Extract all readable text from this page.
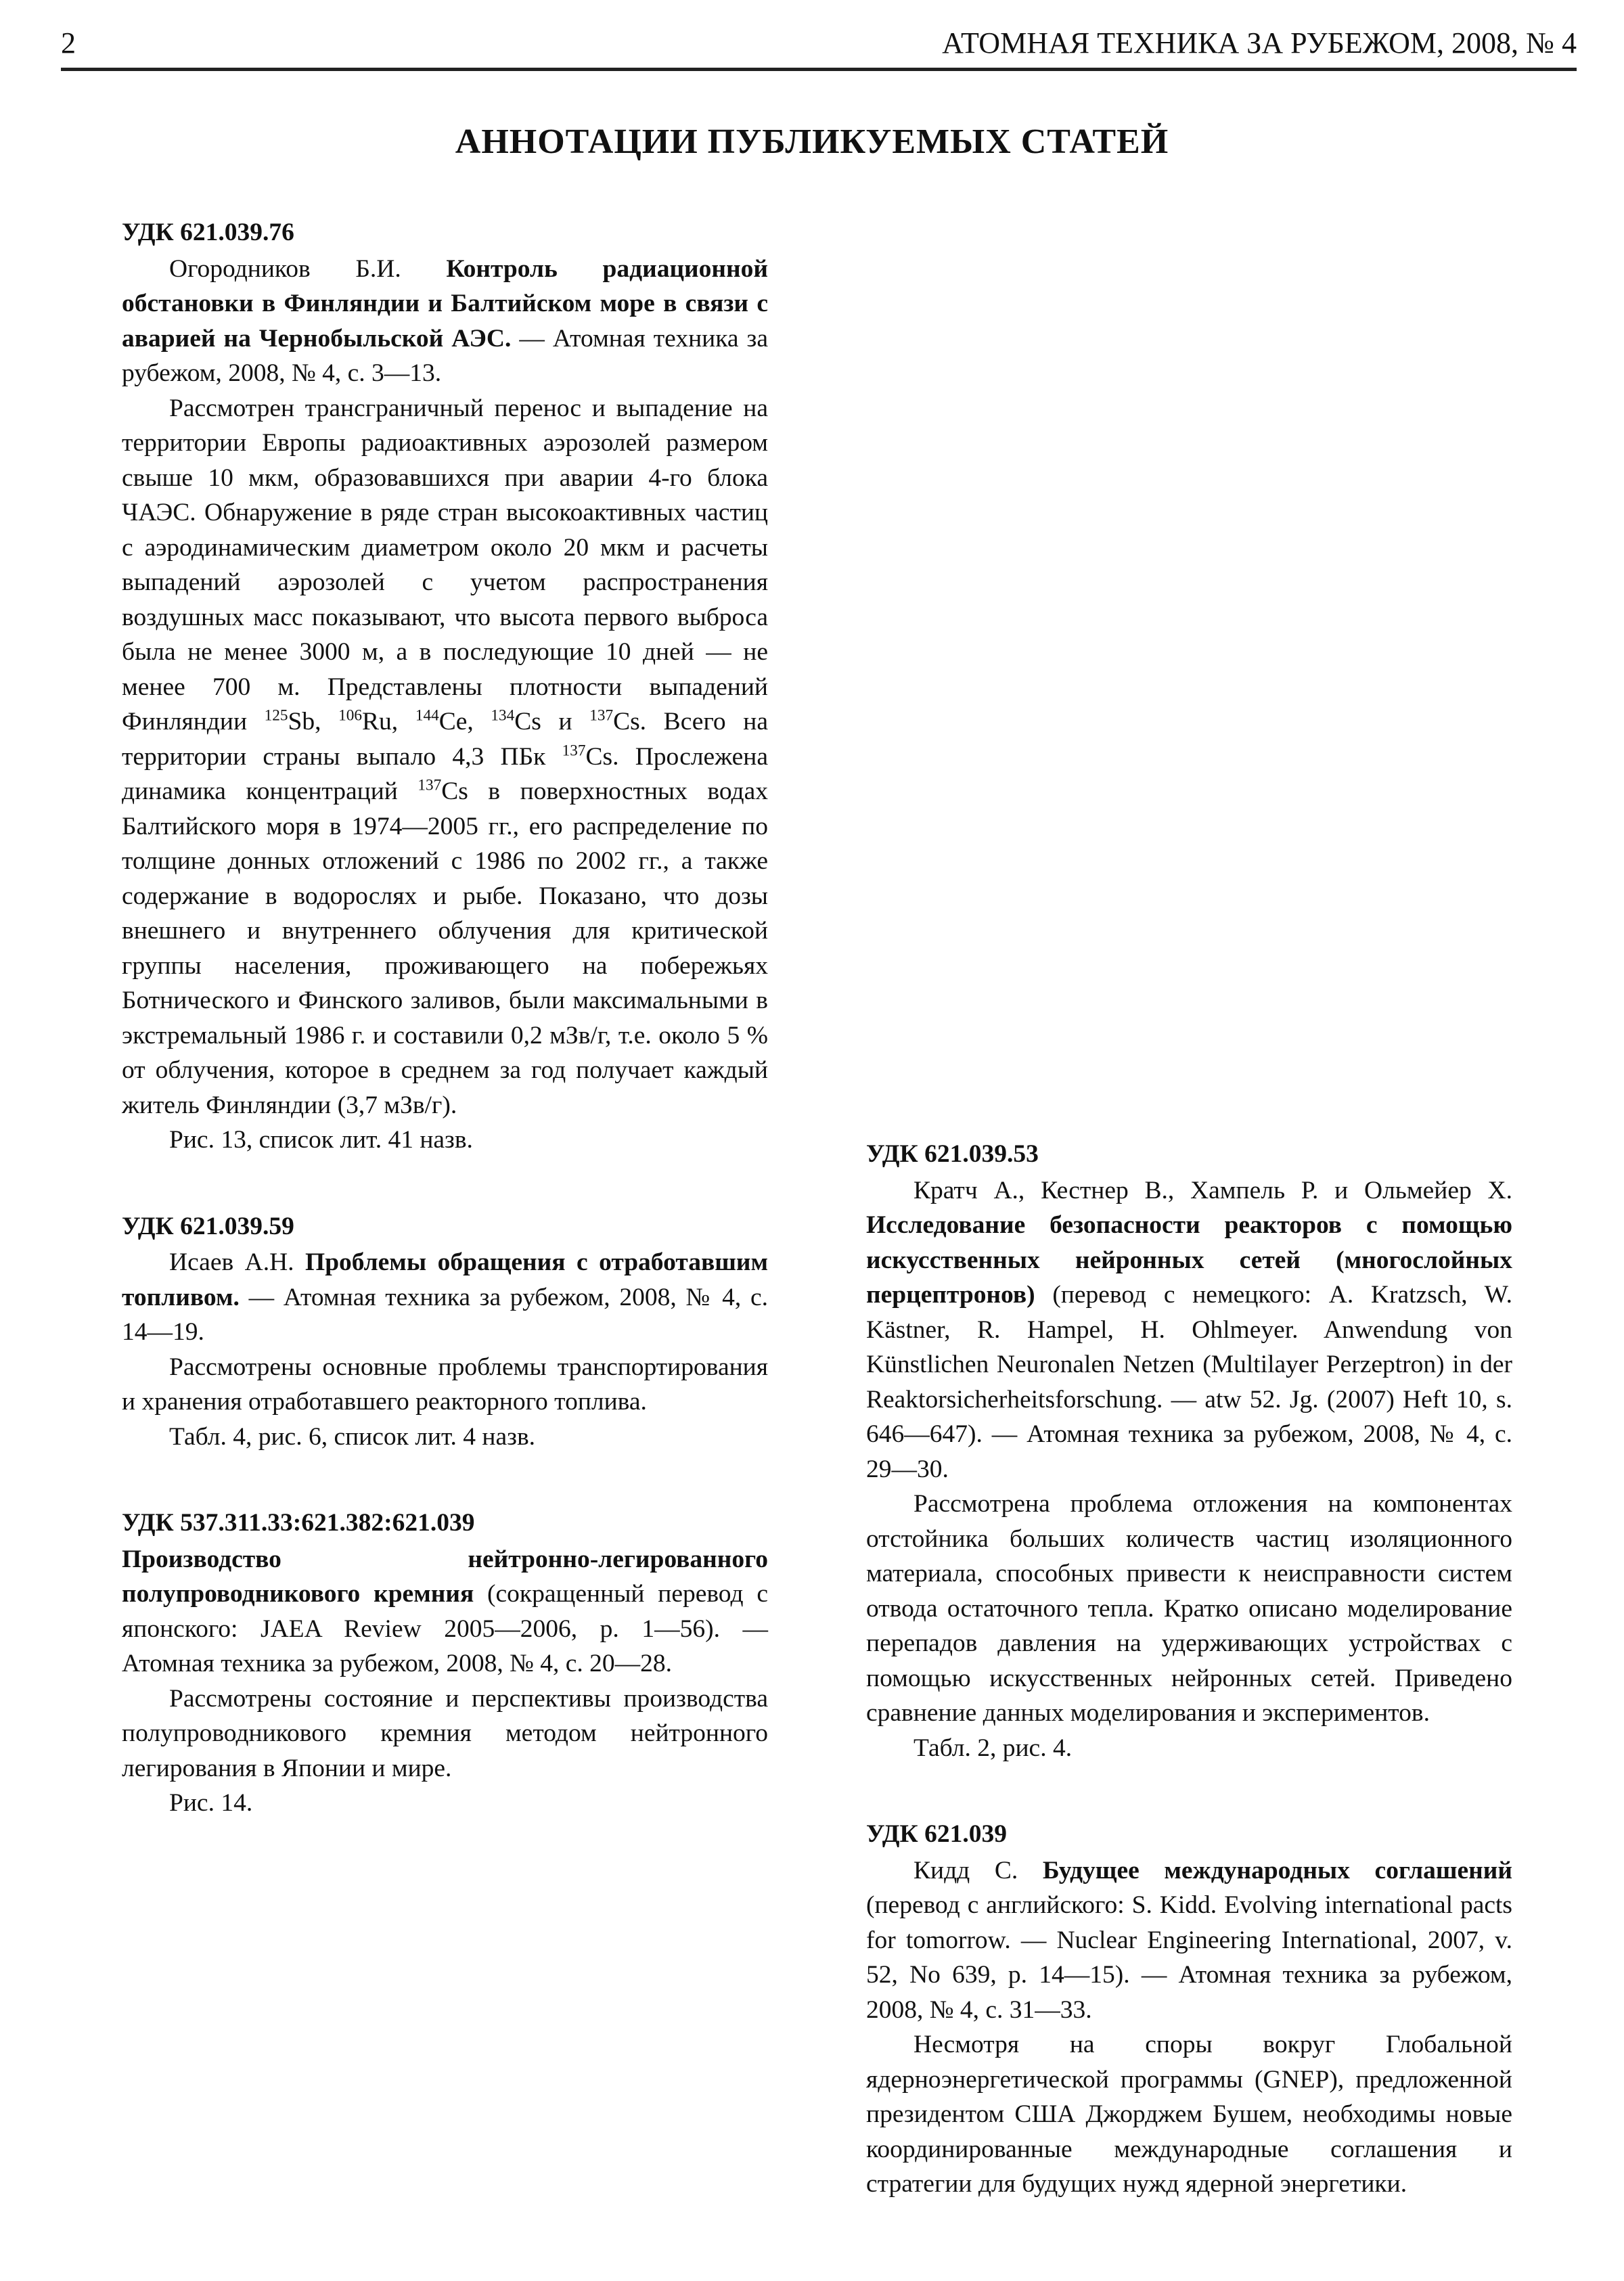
2	АТОМНАЯ ТЕХНИКА ЗА РУБЕЖОМ, 2008, № 4
АННОТАЦИИ ПУБЛИКУЕМЫХ СТАТЕЙ

УДК 621.039.76

Огородников Б.И. Контроль радиационной обстановки в Финляндии и Балтийском море в связи с аварией на Чернобыльской АЭС. — Атомная техника за рубежом, 2008, № 4, с. 3—13.

Рассмотрен трансграничный перенос и выпадение на территории Европы радиоактивных аэрозолей размером свыше 10 мкм, образовавшихся при аварии 4-го блока ЧАЭС. Обнаружение в ряде стран высокоактивных частиц с аэродинамическим диаметром около 20 мкм и расчеты выпадений аэрозолей с учетом распространения воздушных масс показывают, что высота первого выброса была не менее 3000 м, а в последующие 10 дней — не менее 700 м. Представлены плотности выпадений Финляндии $^{125}$Sb, $^{106}$Ru, $^{144}$Ce, $^{134}$Cs и $^{137}$Cs. Всего на территории страны выпало 4,3 ПБк $^{137}$Cs. Прослежена динамика концентраций $^{137}$Cs в поверхностных водах Балтийского моря в 1974—2005 гг., его распределение по толщине донных отложений с 1986 по 2002 гг., а также содержание в водорослях и рыбе. Показано, что дозы внешнего и внутреннего облучения для критической группы населения, проживающего на побережьях Ботнического и Финского заливов, были максимальными в экстремальный 1986 г. и составили 0,2 мЗв/г, т.е. около 5 % от облучения, которое в среднем за год получает каждый житель Финляндии (3,7 мЗв/г).

Рис. 13, список лит. 41 назв.

УДК 621.039.59

Исаев А.Н. Проблемы обращения с отработавшим топливом. — Атомная техника за рубежом, 2008, № 4, с. 14—19.

Рассмотрены основные проблемы транспортирования и хранения отработавшего реакторного топлива.

Табл. 4, рис. 6, список лит. 4 назв.

УДК 537.311.33:621.382:621.039

Производство нейтронно-легированного полупроводникового кремния (сокращенный перевод с японского: JAEA Review 2005—2006, p. 1—56). — Атомная техника за рубежом, 2008, № 4, с. 20—28.

Рассмотрены состояние и перспективы производства полупроводникового кремния методом нейтронного легирования в Японии и мире.

Рис. 14.

УДК 621.039.53

Кратч А., Кестнер В., Хампель Р. и Ольмейер Х. Исследование безопасности реакторов с помощью искусственных нейронных сетей (многослойных перцептронов) (перевод с немецкого: A. Kratzsch, W. Kästner, R. Hampel, H. Ohlmeyer. Anwendung von Künstlichen Neuronalen Netzen (Multilayer Perzeptron) in der Reaktorsicherheitsforschung. — atw 52. Jg. (2007) Heft 10, s. 646—647). — Атомная техника за рубежом, 2008, № 4, с. 29—30.

Рассмотрена проблема отложения на компонентах отстойника больших количеств частиц изоляционного материала, способных привести к неисправности систем отвода остаточного тепла. Кратко описано моделирование перепадов давления на удерживающих устройствах с помощью искусственных нейронных сетей. Приведено сравнение данных моделирования и экспериментов.

Табл. 2, рис. 4.

УДК 621.039

Кидд С. Будущее международных соглашений (перевод с английского: S. Kidd. Evolving international pacts for tomorrow. — Nuclear Engineering International, 2007, v. 52, No 639, p. 14—15). — Атомная техника за рубежом, 2008, № 4, с. 31—33.

Несмотря на споры вокруг Глобальной ядерноэнергетической программы (GNEP), предложенной президентом США Джорджем Бушем, необходимы новые координированные международные соглашения и стратегии для будущих нужд ядерной энергетики.
